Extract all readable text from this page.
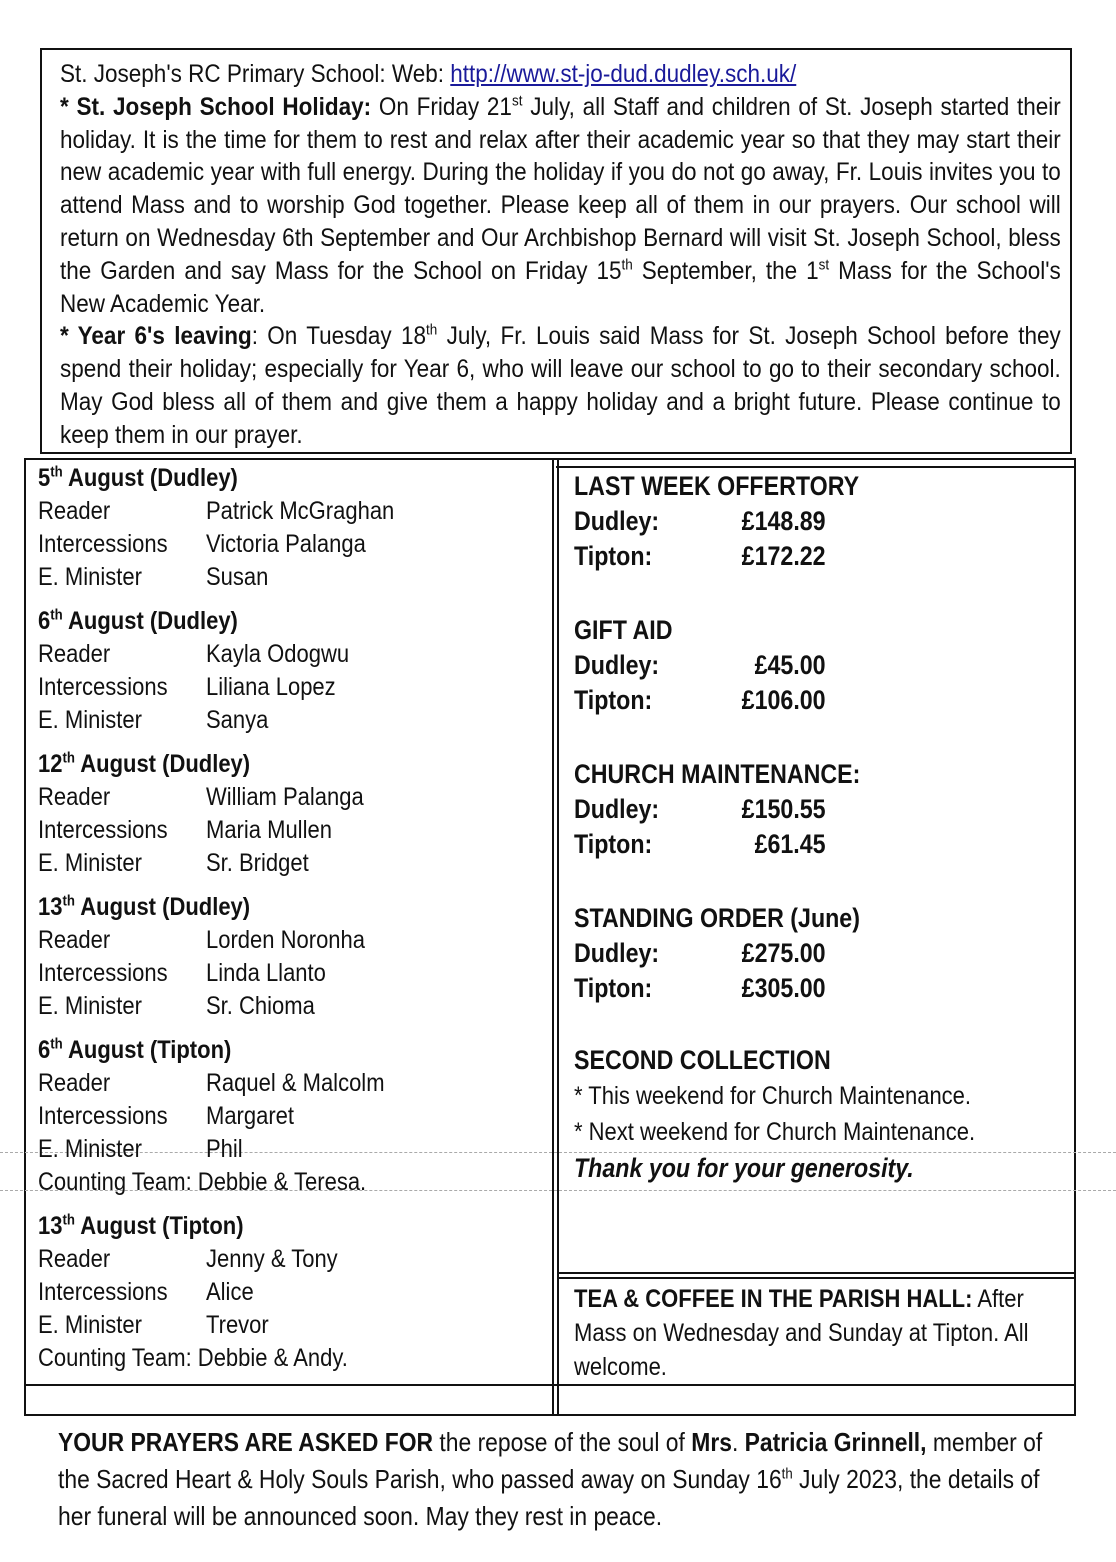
St. Joseph's RC Primary School: Web: http://www.st-jo-dud.dudley.sch.uk/
* St. Joseph School Holiday: On Friday 21st July, all Staff and children of St. Joseph started their holiday. It is the time for them to rest and relax after their academic year so that they may start their new academic year with full energy. During the holiday if you do not go away, Fr. Louis invites you to attend Mass and to worship God together. Please keep all of them in our prayers. Our school will return on Wednesday 6th September and Our Archbishop Bernard will visit St. Joseph School, bless the Garden and say Mass for the School on Friday 15th September, the 1st Mass for the School's New Academic Year.
* Year 6's leaving: On Tuesday 18th July, Fr. Louis said Mass for St. Joseph School before they spend their holiday; especially for Year 6, who will leave our school to go to their secondary school. May God bless all of them and give them a happy holiday and a bright future. Please continue to keep them in our prayer.

5th August (Dudley)
Reader	Patrick McGraghan
Intercessions Victoria Palanga
E. Minister	Susan
6th August (Dudley)
Reader	Kayla Odogwu
Intercessions Liliana Lopez
E. Minister	Sanya
12th August (Dudley)
Reader	William Palanga
Intercessions Maria Mullen
E. Minister	Sr. Bridget
13th August (Dudley)
Reader	Lorden Noronha
Intercessions Linda Llanto
E. Minister	Sr. Chioma
6th August (Tipton)
Reader	Raquel & Malcolm
Intercessions Margaret
E. Minister	Phil
Counting Team: Debbie & Teresa.
13th August (Tipton)
Reader	Jenny & Tony
Intercessions Alice
E. Minister	Trevor
Counting Team: Debbie & Andy.
LAST WEEK OFFERTORY
Dudley:	£148.89
Tipton:	£172.22
GIFT AID
Dudley:	£45.00
Tipton:	£106.00
CHURCH MAINTENANCE:
Dudley:	£150.55
Tipton:	£61.45
STANDING ORDER (June)
Dudley:	£275.00
Tipton:	£305.00
SECOND COLLECTION
* This weekend for Church Maintenance.
* Next weekend for Church Maintenance.
Thank you for your generosity.
TEA & COFFEE IN THE PARISH HALL: After Mass on Wednesday and Sunday at Tipton. All welcome.
YOUR PRAYERS ARE ASKED FOR the repose of the soul of Mrs. Patricia Grinnell, member of the Sacred Heart & Holy Souls Parish, who passed away on Sunday 16th July 2023, the details of her funeral will be announced soon. May they rest in peace.
